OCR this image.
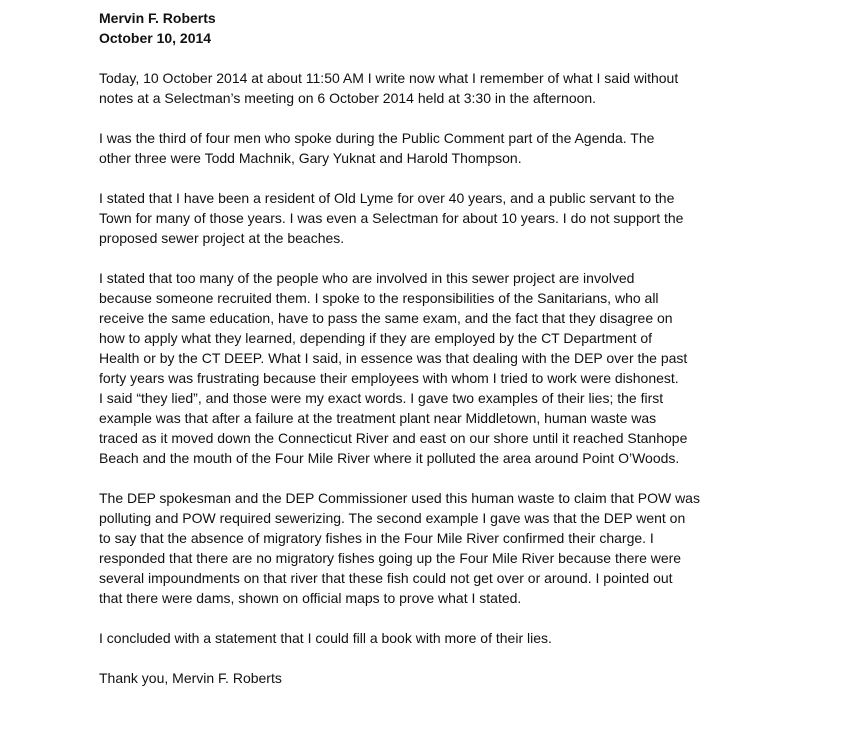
Mervin F. Roberts
October 10, 2014
Today, 10 October 2014 at about 11:50 AM I write now what I remember of what I said without
notes at a Selectman’s meeting on 6 October 2014 held at 3:30 in the afternoon.
I was the third of four men who spoke during the Public Comment part of the Agenda. The
other three were Todd Machnik, Gary Yuknat and Harold Thompson.
I stated that I have been a resident of Old Lyme for over 40 years, and a public servant to the
Town for many of those years. I was even a Selectman for about 10 years. I do not support the
proposed sewer project at the beaches.
I stated that too many of the people who are involved in this sewer project are involved
because someone recruited them. I spoke to the responsibilities of the Sanitarians, who all
receive the same education, have to pass the same exam, and the fact that they disagree on
how to apply what they learned, depending if they are employed by the CT Department of
Health or by the CT DEEP. What I said, in essence was that dealing with the DEP over the past
forty years was frustrating because their employees with whom I tried to work were dishonest.
I said “they lied”, and those were my exact words. I gave two examples of their lies; the first
example was that after a failure at the treatment plant near Middletown, human waste was
traced as it moved down the Connecticut River and east on our shore until it reached Stanhope
Beach and the mouth of the Four Mile River where it polluted the area around Point O’Woods.
The DEP spokesman and the DEP Commissioner used this human waste to claim that POW was
polluting and POW required sewerizing. The second example I gave was that the DEP went on
to say that the absence of migratory fishes in the Four Mile River confirmed their charge. I
responded that there are no migratory fishes going up the Four Mile River because there were
several impoundments on that river that these fish could not get over or around. I pointed out
that there were dams, shown on official maps to prove what I stated.
I concluded with a statement that I could fill a book with more of their lies.
Thank you, Mervin F. Roberts
